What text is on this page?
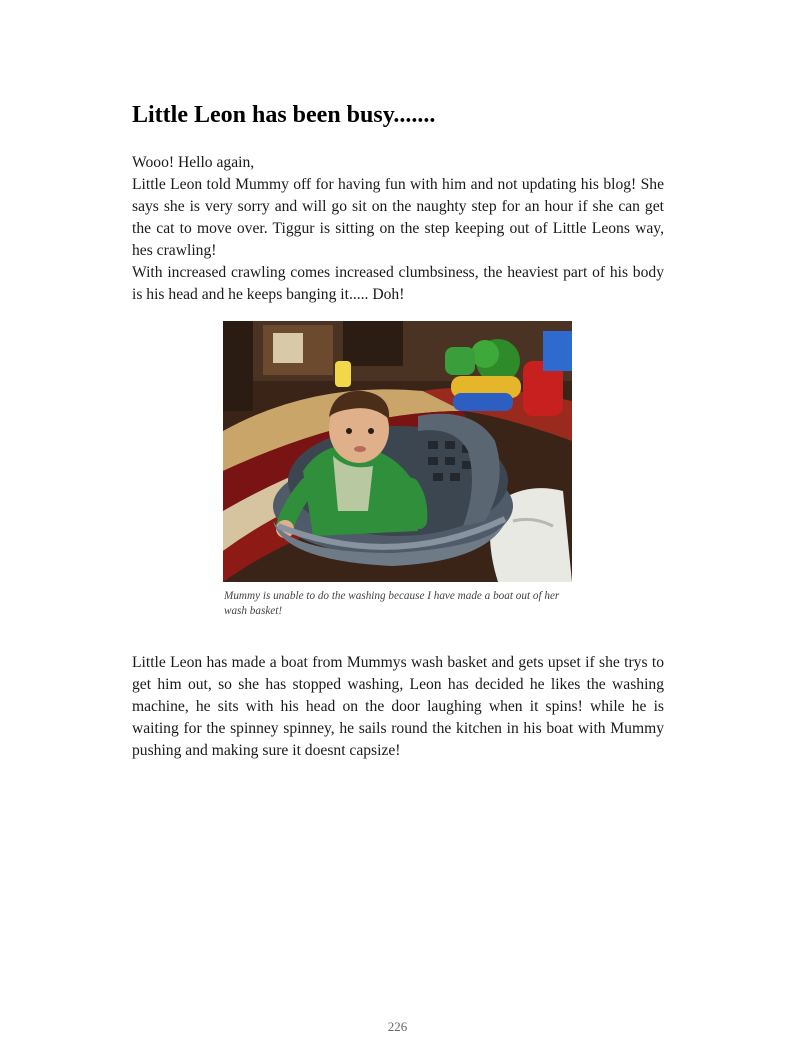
Little Leon has been busy.......

Wooo! Hello again,

Little Leon told Mummy off for having fun with him and not updating his blog! She says she is very sorry and will go sit on the naughty step for an hour if she can get the cat to move over. Tiggur is sitting on the step keeping out of Little Leons way, hes crawling!

With increased crawling comes increased clumbsiness, the heaviest part of his body is his head and he keeps banging it..... Doh!

Mummy is unable to do the washing because I have made a boat out of her wash basket!

Little Leon has made a boat from Mummys wash basket and gets upset if she trys to get him out, so she has stopped washing, Leon has decided he likes the washing machine, he sits with his head on the door laughing when it spins! while he is waiting for the spinney spinney, he sails round the kitchen in his boat with Mummy pushing and making sure it doesnt capsize!

226
